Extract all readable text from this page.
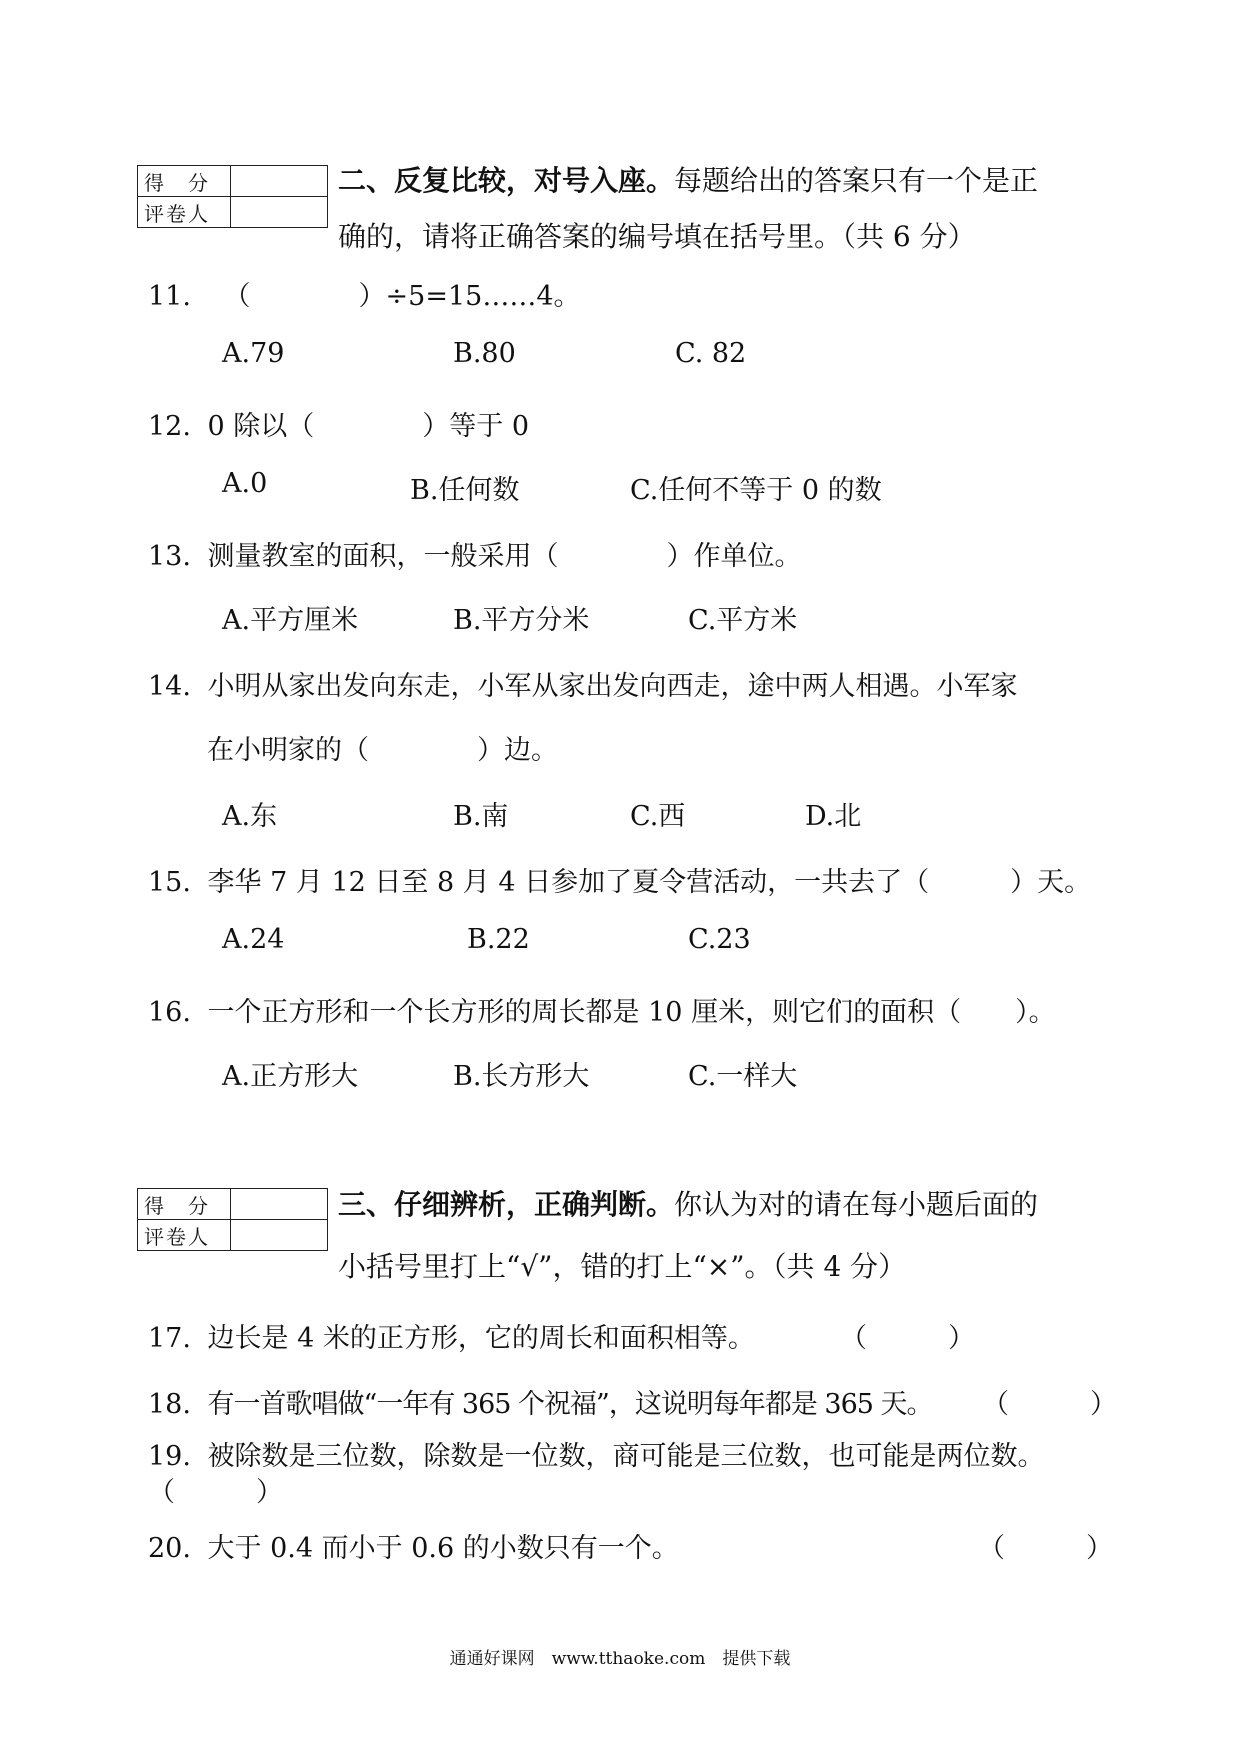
得　分	
评卷人	
二、反复比较，对号入座。每题给出的答案只有一个是正
确的，请将正确答案的编号填在括号里。（共 6 分）
11. （　　　　）÷5=15……4。
A.79	B.80	C. 82
12. 0 除以（　　　　）等于 0
A.0	B.任何数	C.任何不等于 0 的数
13. 测量教室的面积，一般采用（　　　　）作单位。
A.平方厘米	B.平方分米	C.平方米
14. 小明从家出发向东走，小军从家出发向西走，途中两人相遇。小军家
在小明家的（　　　　）边。
A.东	B.南	C.西	D.北
15. 李华 7 月 12 日至 8 月 4 日参加了夏令营活动，一共去了（　　　）天。
A.24	B.22	C.23
16. 一个正方形和一个长方形的周长都是 10 厘米，则它们的面积（　　）。
A.正方形大	B.长方形大	C.一样大
得　分	
评卷人	
三、仔细辨析，正确判断。你认为对的请在每小题后面的
小括号里打上“√”，错的打上“×”。（共 4 分）
17. 边长是 4 米的正方形，它的周长和面积相等。	（　　　）
18. 有一首歌唱做“一年有 365 个祝福”，这说明每年都是 365 天。 （　　　）
19. 被除数是三位数，除数是一位数，商可能是三位数，也可能是两位数。
（　　　）
20. 大于 0.4 而小于 0.6 的小数只有一个。	（　　　）
通通好课网　www.tthaoke.com　提供下载
